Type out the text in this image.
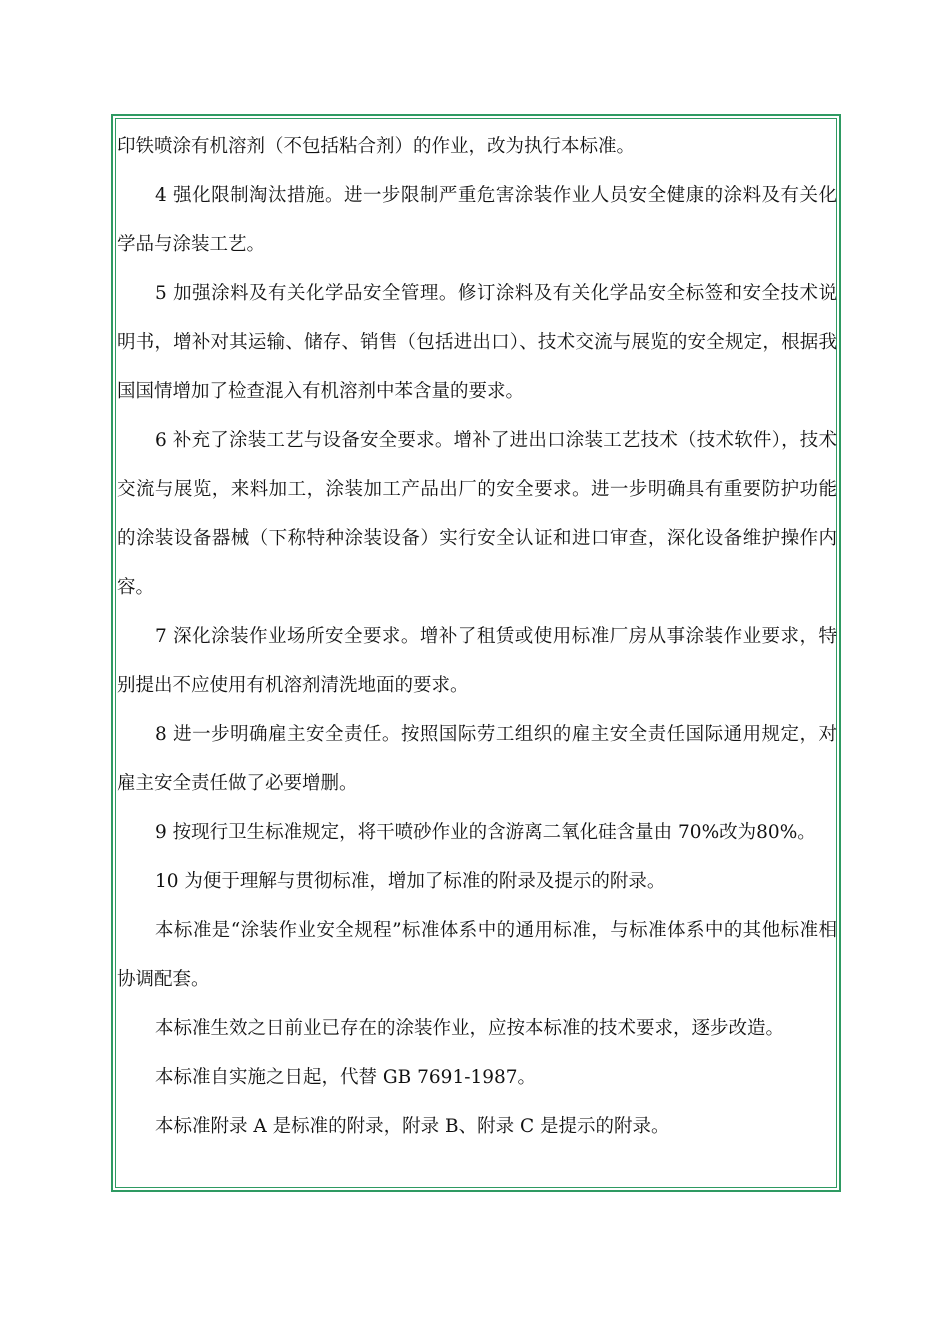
印铁喷涂有机溶剂（不包括粘合剂）的作业，改为执行本标准。

4 强化限制淘汰措施。进一步限制严重危害涂装作业人员安全健康的涂料及有关化学品与涂装工艺。

5 加强涂料及有关化学品安全管理。修订涂料及有关化学品安全标签和安全技术说明书，增补对其运输、储存、销售（包括进出口）、技术交流与展览的安全规定，根据我国国情增加了检查混入有机溶剂中苯含量的要求。

6 补充了涂装工艺与设备安全要求。增补了进出口涂装工艺技术（技术软件），技术交流与展览，来料加工，涂装加工产品出厂的安全要求。进一步明确具有重要防护功能的涂装设备器械（下称特种涂装设备）实行安全认证和进口审查，深化设备维护操作内容。

7 深化涂装作业场所安全要求。增补了租赁或使用标准厂房从事涂装作业要求，特别提出不应使用有机溶剂清洗地面的要求。

8 进一步明确雇主安全责任。按照国际劳工组织的雇主安全责任国际通用规定，对雇主安全责任做了必要增删。

9 按现行卫生标准规定，将干喷砂作业的含游离二氧化硅含量由 70%改为80%。

10 为便于理解与贯彻标准，增加了标准的附录及提示的附录。

本标准是“涂装作业安全规程”标准体系中的通用标准，与标准体系中的其他标准相协调配套。

本标准生效之日前业已存在的涂装作业，应按本标准的技术要求，逐步改造。

本标准自实施之日起，代替 GB 7691-1987。

本标准附录 A 是标准的附录，附录 B、附录 C 是提示的附录。
